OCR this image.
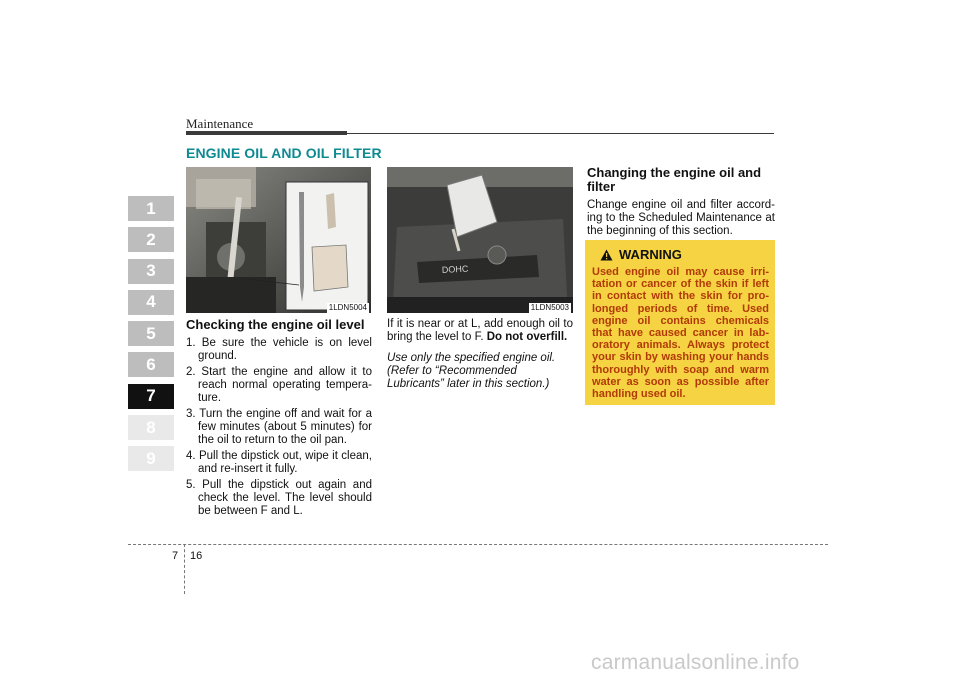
Maintenance
ENGINE OIL AND OIL FILTER
1
2
3
4
5
6
7
8
9
1LDN5004
DOHC
1LDN5003
Checking the engine oil level
1. Be sure the vehicle is on level ground.
2. Start the engine and allow it to reach normal operating tempera-ture.
3. Turn the engine off and wait for a few minutes (about 5 minutes) for the oil to return to the oil pan.
4. Pull the dipstick out, wipe it clean, and re-insert it fully.
5. Pull the dipstick out again and check the level. The level should be between F and L.

If it is near or at L, add enough oil to bring the level to F. Do not overfill.

Use only the specified engine oil. (Refer to “Recommended Lubricants” later in this section.)

Changing the engine oil and filter

Change engine oil and filter accord-ing to the Scheduled Maintenance at the beginning of this section.

WARNING

Used engine oil may cause irri-tation or cancer of the skin if left in contact with the skin for pro-longed periods of time. Used engine oil contains chemicals that have caused cancer in lab-oratory animals. Always protect your skin by washing your hands thoroughly with soap and warm water as soon as possible after handling used oil.

7 16
carmanualsonline.info
